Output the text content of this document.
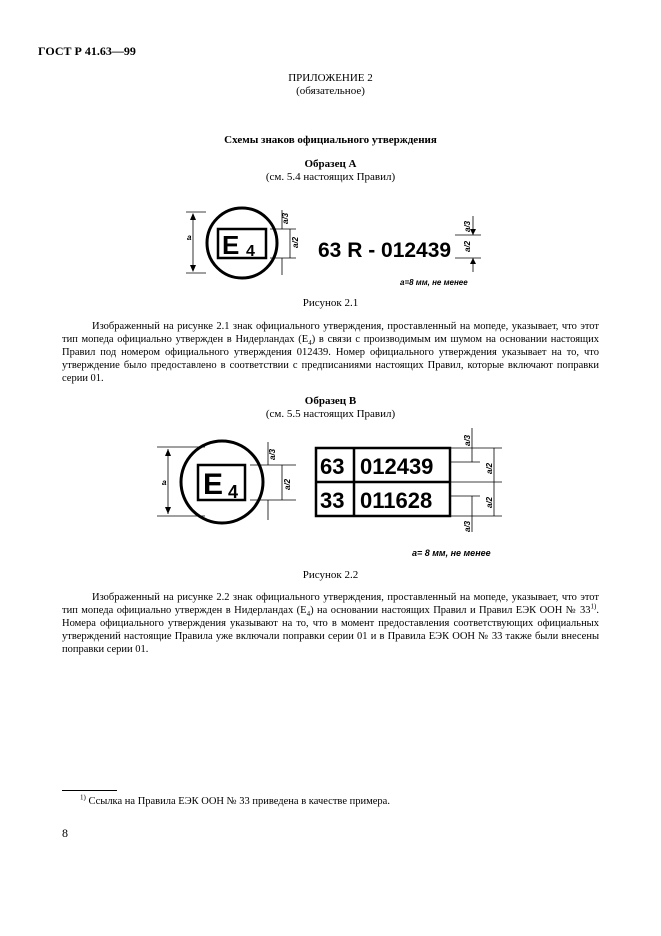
ГОСТ Р 41.63—99
ПРИЛОЖЕНИЕ 2
(обязательное)
Схемы знаков официального утверждения
Образец А
(см. 5.4 настоящих Правил)
E 4
a
a/3
a/2 63 R - 012439
a/3
a/2
a=8 мм, не менее
E 4
a
a/3
a/2
63 012439
33 011628
a/3
a/2
a/2
a/3
a= 8 мм, не менее
Рисунок 2.1

Изображенный на рисунке 2.1 знак официального утверждения, проставленный на мопеде, указывает, что этот тип мопеда официально утвержден в Нидерландах $(E_4)$ в связи с производимым им шумом на основании настоящих Правил под номером официального утверждения 012439. Номер официального утверждения указывает на то, что утверждение было предоставлено в соответствии с предписаниями настоящих Правил, которые включают поправки серии 01.

Образец В
(см. 5.5 настоящих Правил)
Рисунок 2.2

Изображенный на рисунке 2.2 знак официального утверждения, проставленный на мопеде, указывает, что этот тип мопеда официально утвержден в Нидерландах $(E_4)$ на основании настоящих Правил и Правил ЕЭК ООН № 33$^{1)}$. Номера официального утверждения указывают на то, что в момент предоставления соответствующих официальных утверждений настоящие Правила уже включали поправки серии 01 и в Правила ЕЭК ООН № 33 также были внесены поправки серии 01.

$^{1)}$ Ссылка на Правила ЕЭК ООН № 33 приведена в качестве примера.
8
